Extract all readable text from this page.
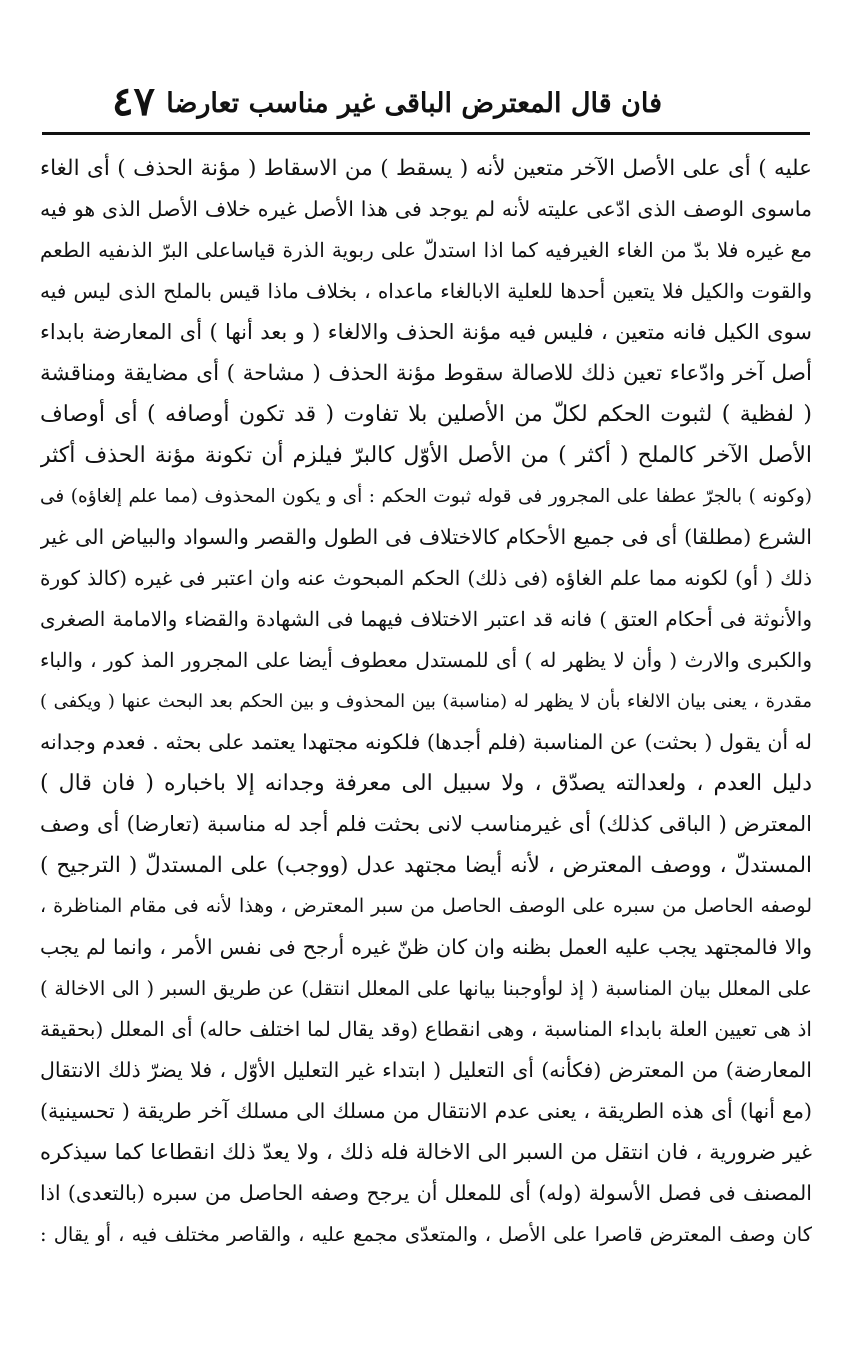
فان قال المعترض الباقى غير مناسب تعارضا
٤٧
عليه ) أى على الأصل الآخر متعين لأنه ( يسقط ) من الاسقاط ( مؤنة الحذف ) أى الغاء
ماسوى الوصف الذى ادّعى عليته لأنه لم يوجد فى هذا الأصل غيره خلاف الأصل الذى هو فيه
مع غيره فلا بدّ من الغاء الغيرفيه كما اذا استدلّ على ربوية الذرة قياساعلى البرّ الذىفيه الطعم
والقوت والكيل فلا يتعين أحدها للعلية الابالغاء ماعداه ، بخلاف ماذا قيس بالملح الذى ليس فيه
سوى الكيل فانه متعين ، فليس فيه مؤنة الحذف والالغاء ( و بعد أنها ) أى المعارضة بابداء
أصل آخر وادّعاء تعين ذلك للاصالة سقوط مؤنة الحذف ( مشاحة ) أى مضايقة ومناقشة
( لفظية ) لثبوت الحكم لكلّ من الأصلين بلا تفاوت ( قد تكون أوصافه ) أى أوصاف
الأصل الآخر كالملح ( أكثر ) من الأصل الأوّل كالبرّ فيلزم أن تكونة مؤنة الحذف أكثر
(وكونه ) بالجرّ عطفا على المجرور فى قوله ثبوت الحكم : أى و يكون المحذوف (مما علم إلغاؤه) فى
الشرع (مطلقا) أى فى جميع الأحكام كالاختلاف فى الطول والقصر والسواد والبياض الى غير
ذلك ( أو) لكونه مما علم الغاؤه (فى ذلك) الحكم المبحوث عنه وان اعتبر فى غيره (كالذ كورة
والأنوثة فى أحكام العتق ) فانه قد اعتبر الاختلاف فيهما فى الشهادة والقضاء والامامة الصغرى
والكبرى والارث ( وأن لا يظهر له ) أى للمستدل معطوف أيضا على المجرور المذ كور ، والباء
مقدرة ، يعنى بيان الالغاء بأن لا يظهر له (مناسبة) بين المحذوف و بين الحكم بعد البحث عنها ( ويكفى )
له أن يقول ( بحثت) عن المناسبة (فلم أجدها) فلكونه مجتهدا يعتمد على بحثه . فعدم وجدانه
دليل العدم ، ولعدالته يصدّق ، ولا سبيل الى معرفة وجدانه إلا باخباره ( فان قال )
المعترض ( الباقى كذلك) أى غيرمناسب لانى بحثت فلم أجد له مناسبة (تعارضا) أى وصف
المستدلّ ، ووصف المعترض ، لأنه أيضا مجتهد عدل (ووجب) على المستدلّ ( الترجيح )
لوصفه الحاصل من سبره على الوصف الحاصل من سبر المعترض ، وهذا لأنه فى مقام المناظرة ،
والا فالمجتهد يجب عليه العمل بظنه وان كان ظنّ غيره أرجح فى نفس الأمر ، وانما لم يجب
على المعلل بيان المناسبة ( إذ لوأوجبنا بيانها على المعلل انتقل) عن طريق السبر ( الى الاخالة )
اذ هى تعيين العلة بابداء المناسبة ، وهى انقطاع (وقد يقال لما اختلف حاله) أى المعلل (بحقيقة
المعارضة) من المعترض (فكأنه) أى التعليل ( ابتداء غير التعليل الأوّل ، فلا يضرّ ذلك الانتقال
(مع أنها) أى هذه الطريقة ، يعنى عدم الانتقال من مسلك الى مسلك آخر طريقة ( تحسينية)
غير ضرورية ، فان انتقل من السبر الى الاخالة فله ذلك ، ولا يعدّ ذلك انقطاعا كما سيذكره
المصنف فى فصل الأسولة (وله) أى للمعلل أن يرجح وصفه الحاصل من سبره (بالتعدى) اذا
كان وصف المعترض قاصرا على الأصل ، والمتعدّى مجمع عليه ، والقاصر مختلف فيه ، أو يقال :
